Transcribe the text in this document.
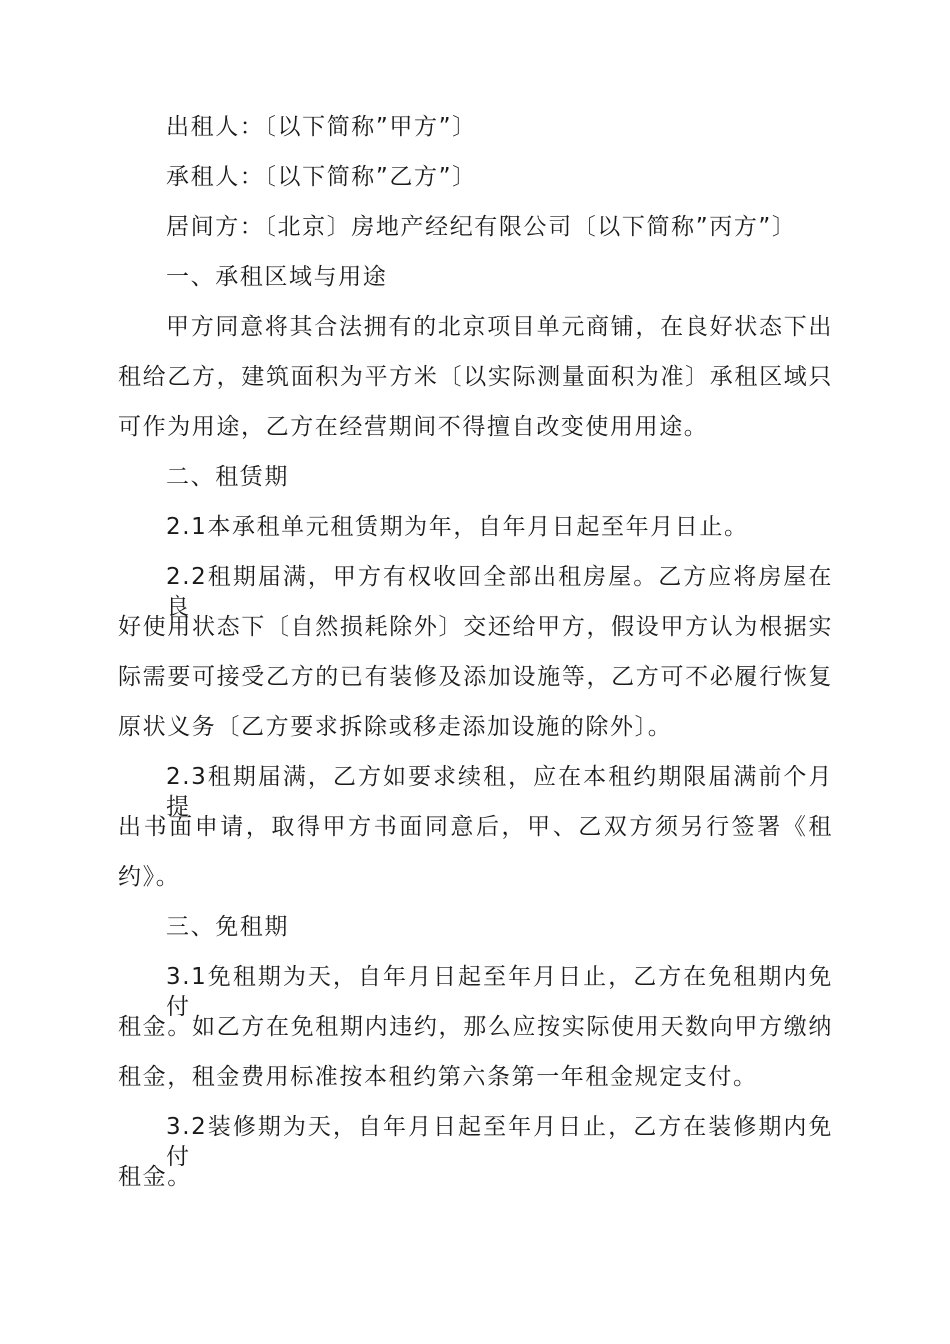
出租人：〔以下简称”甲方”〕
承租人：〔以下简称”乙方”〕
居间方：〔北京〕房地产经纪有限公司〔以下简称”丙方”〕
一、承租区域与用途
甲方同意将其合法拥有的北京项目单元商铺，在良好状态下出
租给乙方，建筑面积为平方米〔以实际测量面积为准〕承租区域只
可作为用途，乙方在经营期间不得擅自改变使用用途。
二、租赁期
2.1本承租单元租赁期为年，自年月日起至年月日止。
2.2租期届满，甲方有权收回全部出租房屋。乙方应将房屋在良
好使用状态下〔自然损耗除外〕交还给甲方，假设甲方认为根据实
际需要可接受乙方的已有装修及添加设施等，乙方可不必履行恢复
原状义务〔乙方要求拆除或移走添加设施的除外〕。
2.3租期届满，乙方如要求续租，应在本租约期限届满前个月提
出书面申请，取得甲方书面同意后，甲、乙双方须另行签署《租
约》。
三、免租期
3.1免租期为天，自年月日起至年月日止，乙方在免租期内免付
租金。如乙方在免租期内违约，那么应按实际使用天数向甲方缴纳
租金，租金费用标准按本租约第六条第一年租金规定支付。
3.2装修期为天，自年月日起至年月日止，乙方在装修期内免付
租金。
